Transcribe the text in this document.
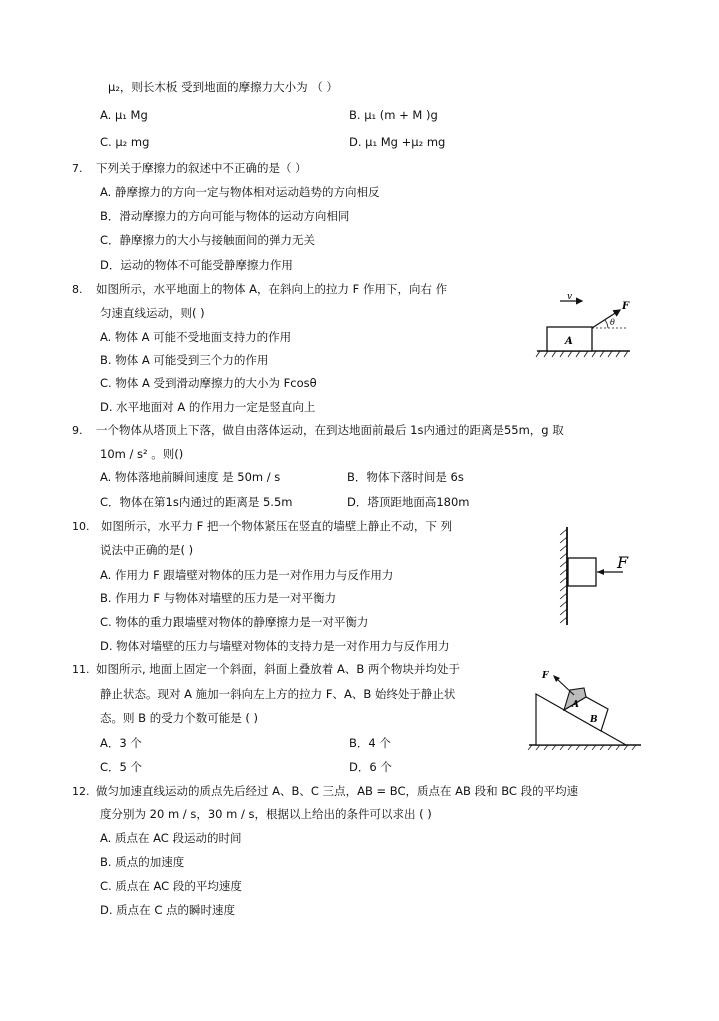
μ₂，则长木板 受到地面的摩擦力大小为 （ ）
A. μ₁ Mg	B. μ₁ (m + M )g
C. μ₂ mg	D. μ₁ Mg +μ₂ mg
7. 下列关于摩擦力的叙述中不正确的是（ ）
A. 静摩擦力的方向一定与物体相对运动趋势的方向相反
B．滑动摩擦力的方向可能与物体的运动方向相同
C．静摩擦力的大小与接触面间的弹力无关
D．运动的物体不可能受静摩擦力作用
8. 如图所示，水平地面上的物体 A，在斜向上的拉力 F 作用下，向右 作
匀速直线运动，则( )
A. 物体 A 可能不受地面支持力的作用
B. 物体 A 可能受到三个力的作用
C. 物体 A 受到滑动摩擦力的大小为 Fcosθ
D. 水平地面对 A 的作用力一定是竖直向上
v
A
F
θ
9. 一个物体从塔顶上下落，做自由落体运动，在到达地面前最后 1s内通过的距离是55m，g 取
10m / s² 。则()
A. 物体落地前瞬间速度 是 50m / s	B．物体下落时间是 6s
C．物体在第1s内通过的距离是 5.5m	D．塔顶距地面高180m
10. 如图所示，水平力 F 把一个物体紧压在竖直的墙壁上静止不动，下 列
说法中正确的是( )
A. 作用力 F 跟墙壁对物体的压力是一对作用力与反作用力
B. 作用力 F 与物体对墙壁的压力是一对平衡力
C. 物体的重力跟墙壁对物体的静摩擦力是一对平衡力
D. 物体对墙壁的压力与墙壁对物体的支持力是一对作用力与反作用力
F
11. 如图所示, 地面上固定一个斜面，斜面上叠放着 A、B 两个物块并均处于
静止状态。现对 A 施加一斜向左上方的拉力 F、A、B 始终处于静止状
态。则 B 的受力个数可能是 ( )
A．3 个	B．4 个
C．5 个	D．6 个
A
B
F
12. 做匀加速直线运动的质点先后经过 A、B、C 三点，AB = BC，质点在 AB 段和 BC 段的平均速
度分别为 20 m / s，30 m / s，根据以上给出的条件可以求出 ( )
A. 质点在 AC 段运动的时间
B. 质点的加速度
C. 质点在 AC 段的平均速度
D. 质点在 C 点的瞬时速度
